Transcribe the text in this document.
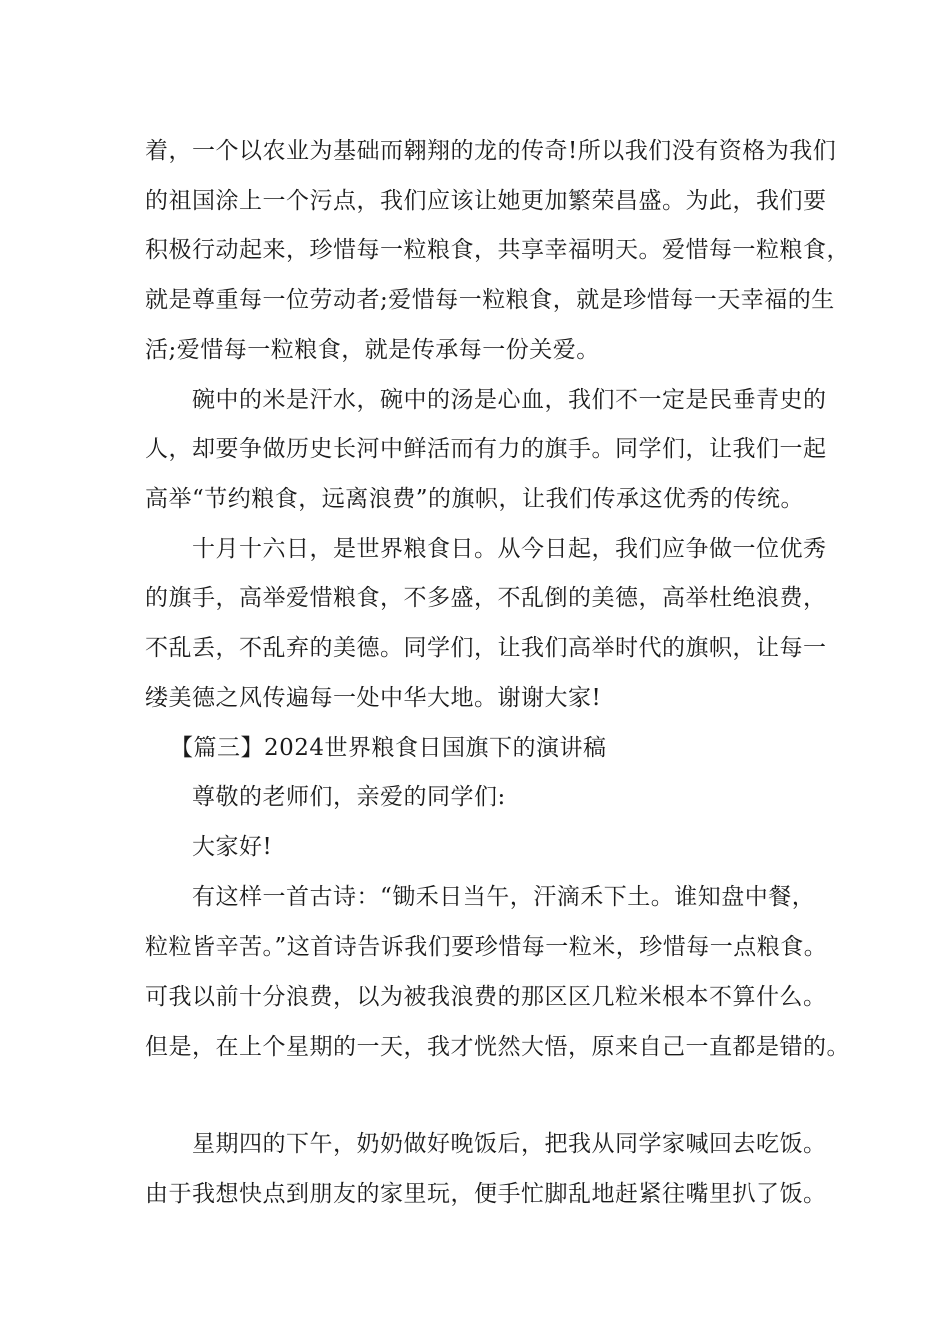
着，一个以农业为基础而翱翔的龙的传奇!所以我们没有资格为我们
的祖国涂上一个污点，我们应该让她更加繁荣昌盛。为此，我们要
积极行动起来，珍惜每一粒粮食，共享幸福明天。爱惜每一粒粮食，
就是尊重每一位劳动者;爱惜每一粒粮食，就是珍惜每一天幸福的生
活;爱惜每一粒粮食，就是传承每一份关爱。
碗中的米是汗水，碗中的汤是心血，我们不一定是民垂青史的
人，却要争做历史长河中鲜活而有力的旗手。同学们，让我们一起
高举“节约粮食，远离浪费”的旗帜，让我们传承这优秀的传统。
十月十六日，是世界粮食日。从今日起，我们应争做一位优秀
的旗手，高举爱惜粮食，不多盛，不乱倒的美德，高举杜绝浪费，
不乱丢，不乱弃的美德。同学们，让我们高举时代的旗帜，让每一
缕美德之风传遍每一处中华大地。谢谢大家!
【篇三】2024世界粮食日国旗下的演讲稿
尊敬的老师们，亲爱的同学们:
大家好!
有这样一首古诗：“锄禾日当午，汗滴禾下土。谁知盘中餐，
粒粒皆辛苦。”这首诗告诉我们要珍惜每一粒米，珍惜每一点粮食。
可我以前十分浪费，以为被我浪费的那区区几粒米根本不算什么。
但是，在上个星期的一天，我才恍然大悟，原来自己一直都是错的。
星期四的下午，奶奶做好晚饭后，把我从同学家喊回去吃饭。
由于我想快点到朋友的家里玩，便手忙脚乱地赶紧往嘴里扒了饭。
